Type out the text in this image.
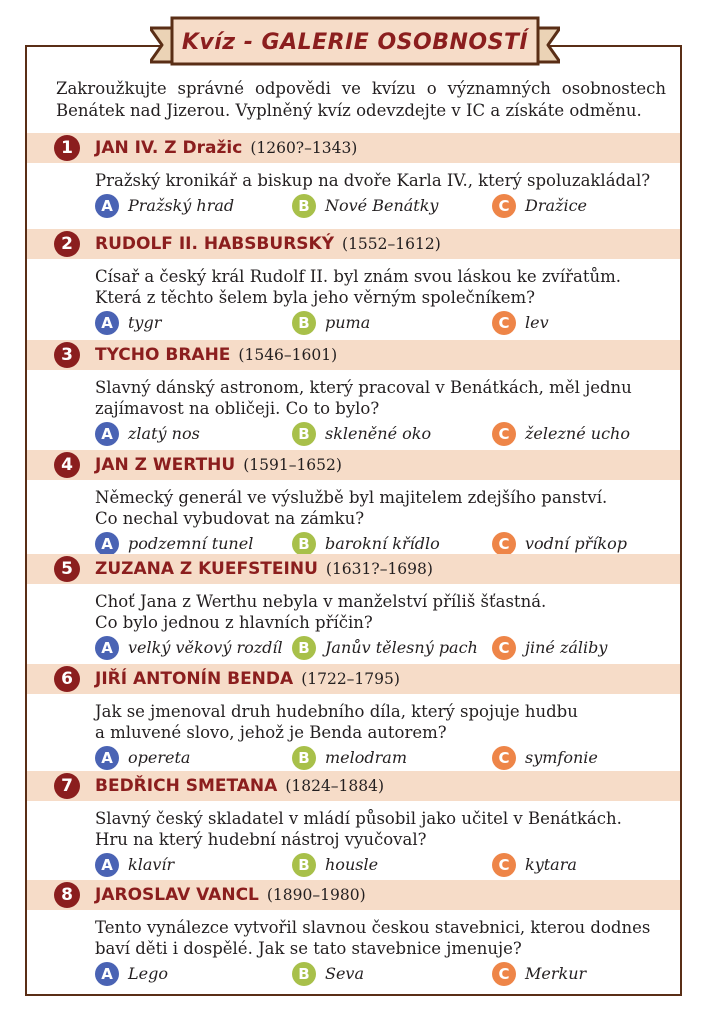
Kvíz - GALERIE OSOBNOSTÍ
Zakroužkujte správné odpovědi ve kvízu o významných osobnostech Benátek nad Jizerou. Vyplněný kvíz odevzdejte v IC a získáte odměnu.
1	JAN IV. Z Dražic (1260?–1343)
Pražský kronikář a biskup na dvoře Karla IV., který spoluzakládal?
A Pražský hrad	B Nové Benátky	C Dražice
2	RUDOLF II. HABSBURSKÝ (1552–1612)
Císař a český král Rudolf II. byl znám svou láskou ke zvířatům.
Která z těchto šelem byla jeho věrným společníkem?
A tygr	B puma	C lev
3	TYCHO BRAHE (1546–1601)
Slavný dánský astronom, který pracoval v Benátkách, měl jednu
zajímavost na obličeji. Co to bylo?
A zlatý nos	B skleněné oko	C železné ucho
4	JAN Z WERTHU (1591–1652)
Německý generál ve výslužbě byl majitelem zdejšího panství.
Co nechal vybudovat na zámku?
A podzemní tunel	B barokní křídlo	C vodní příkop
5	ZUZANA Z KUEFSTEINU (1631?–1698)
Choť Jana z Werthu nebyla v manželství příliš šťastná.
Co bylo jednou z hlavních příčin?
A velký věkový rozdíl	B Janův tělesný pach	C jiné záliby
6	JIŘÍ ANTONÍN BENDA (1722–1795)
Jak se jmenoval druh hudebního díla, který spojuje hudbu
a mluvené slovo, jehož je Benda autorem?
A opereta	B melodram	C symfonie
7	BEDŘICH SMETANA (1824–1884)
Slavný český skladatel v mládí působil jako učitel v Benátkách.
Hru na který hudební nástroj vyučoval?
A klavír	B housle	C kytara
8	JAROSLAV VANCL (1890–1980)
Tento vynálezce vytvořil slavnou českou stavebnici, kterou dodnes
baví děti i dospělé. Jak se tato stavebnice jmenuje?
A Lego	B Seva	C Merkur
